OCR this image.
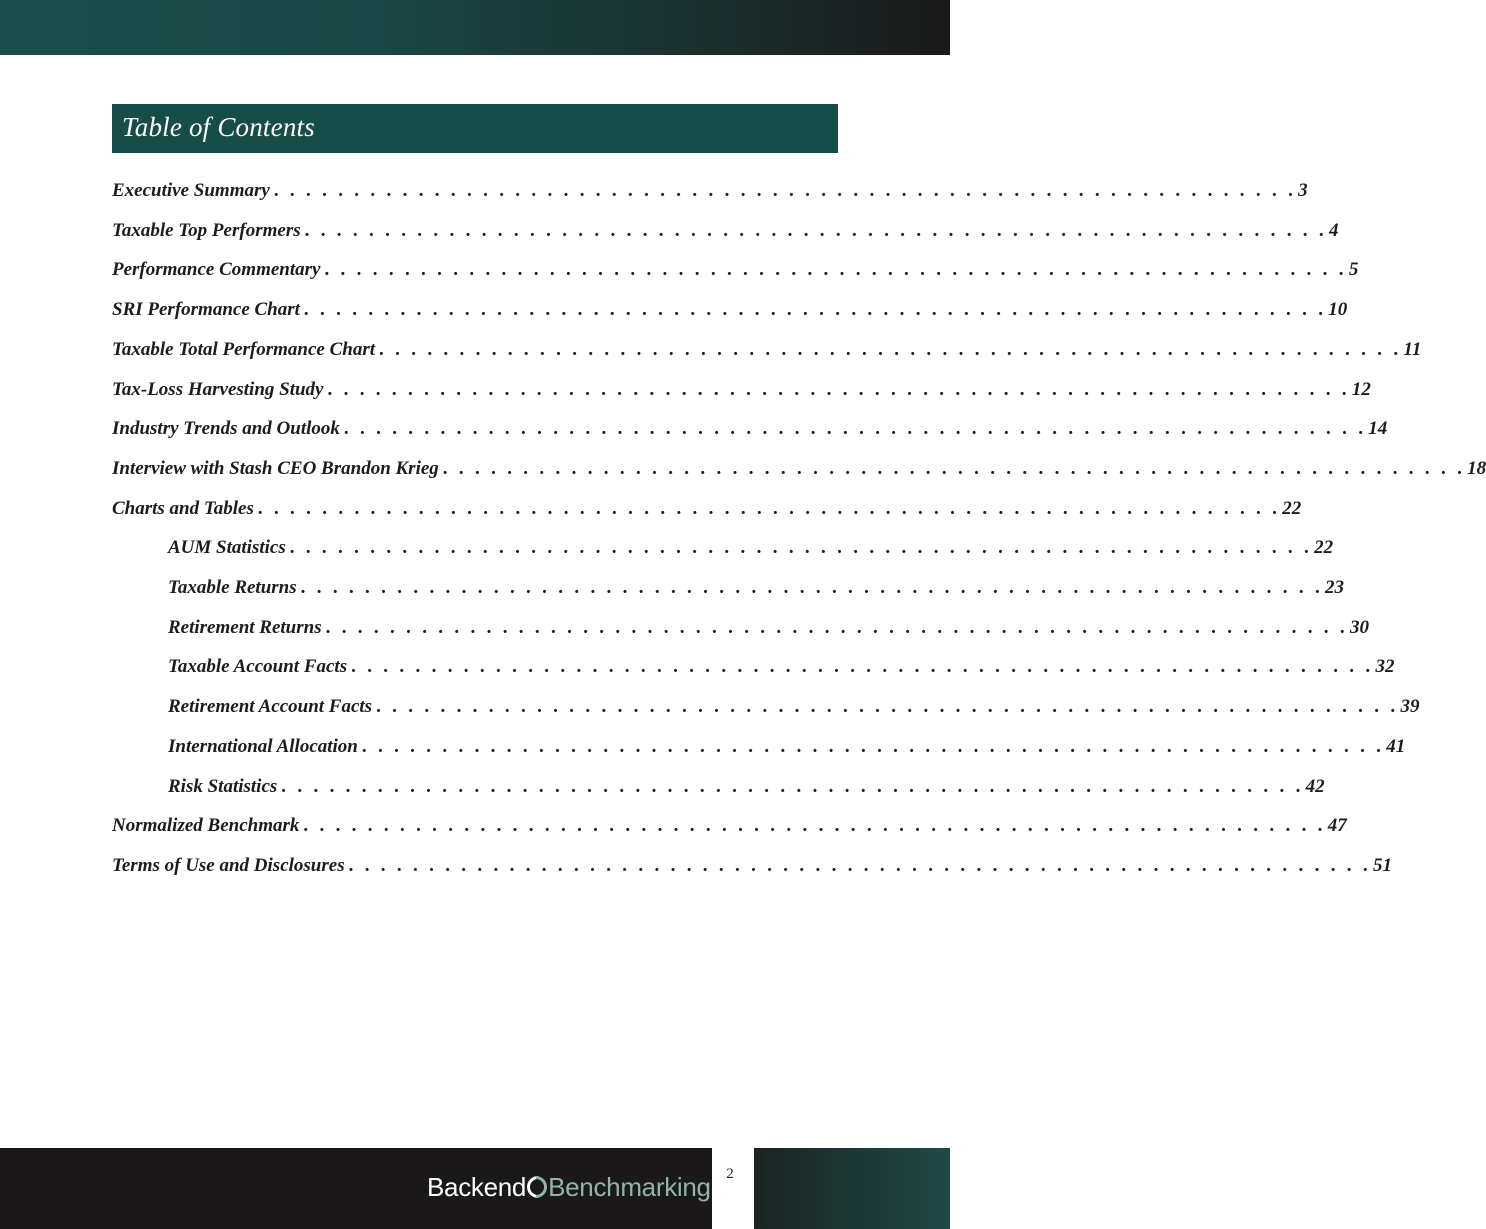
Table of Contents
Executive Summary . . . . . . . . . . . . . . . . . . . . . . . . . . . . . . . . . . . . . . . . . . . . . . . . . . . . . . . . . . . . . . . . 3
Taxable Top Performers . . . . . . . . . . . . . . . . . . . . . . . . . . . . . . . . . . . . . . . . . . . . . . . . . . . . . . . . . . . . . . . . 4
Performance Commentary . . . . . . . . . . . . . . . . . . . . . . . . . . . . . . . . . . . . . . . . . . . . . . . . . . . . . . . . . . . . . . . . 5
SRI Performance Chart . . . . . . . . . . . . . . . . . . . . . . . . . . . . . . . . . . . . . . . . . . . . . . . . . . . . . . . . . . . . . . . . 10
Taxable Total Performance Chart . . . . . . . . . . . . . . . . . . . . . . . . . . . . . . . . . . . . . . . . . . . . . . . . . . . . . . . . . . . . . . . . 11
Tax-Loss Harvesting Study . . . . . . . . . . . . . . . . . . . . . . . . . . . . . . . . . . . . . . . . . . . . . . . . . . . . . . . . . . . . . . . . 12
Industry Trends and Outlook . . . . . . . . . . . . . . . . . . . . . . . . . . . . . . . . . . . . . . . . . . . . . . . . . . . . . . . . . . . . . . . . 14
Interview with Stash CEO Brandon Krieg . . . . . . . . . . . . . . . . . . . . . . . . . . . . . . . . . . . . . . . . . . . . . . . . . . . . . . . . . . . . . . . . 18
Charts and Tables . . . . . . . . . . . . . . . . . . . . . . . . . . . . . . . . . . . . . . . . . . . . . . . . . . . . . . . . . . . . . . . . 22
AUM Statistics . . . . . . . . . . . . . . . . . . . . . . . . . . . . . . . . . . . . . . . . . . . . . . . . . . . . . . . . . . . . . . . . 22
Taxable Returns . . . . . . . . . . . . . . . . . . . . . . . . . . . . . . . . . . . . . . . . . . . . . . . . . . . . . . . . . . . . . . . . 23
Retirement Returns . . . . . . . . . . . . . . . . . . . . . . . . . . . . . . . . . . . . . . . . . . . . . . . . . . . . . . . . . . . . . . . . 30
Taxable Account Facts . . . . . . . . . . . . . . . . . . . . . . . . . . . . . . . . . . . . . . . . . . . . . . . . . . . . . . . . . . . . . . . . 32
Retirement Account Facts . . . . . . . . . . . . . . . . . . . . . . . . . . . . . . . . . . . . . . . . . . . . . . . . . . . . . . . . . . . . . . . . 39
International Allocation . . . . . . . . . . . . . . . . . . . . . . . . . . . . . . . . . . . . . . . . . . . . . . . . . . . . . . . . . . . . . . . . 41
Risk Statistics . . . . . . . . . . . . . . . . . . . . . . . . . . . . . . . . . . . . . . . . . . . . . . . . . . . . . . . . . . . . . . . . 42
Normalized Benchmark . . . . . . . . . . . . . . . . . . . . . . . . . . . . . . . . . . . . . . . . . . . . . . . . . . . . . . . . . . . . . . . . 47
Terms of Use and Disclosures . . . . . . . . . . . . . . . . . . . . . . . . . . . . . . . . . . . . . . . . . . . . . . . . . . . . . . . . . . . . . . . . 51
Backend Benchmarking	2
